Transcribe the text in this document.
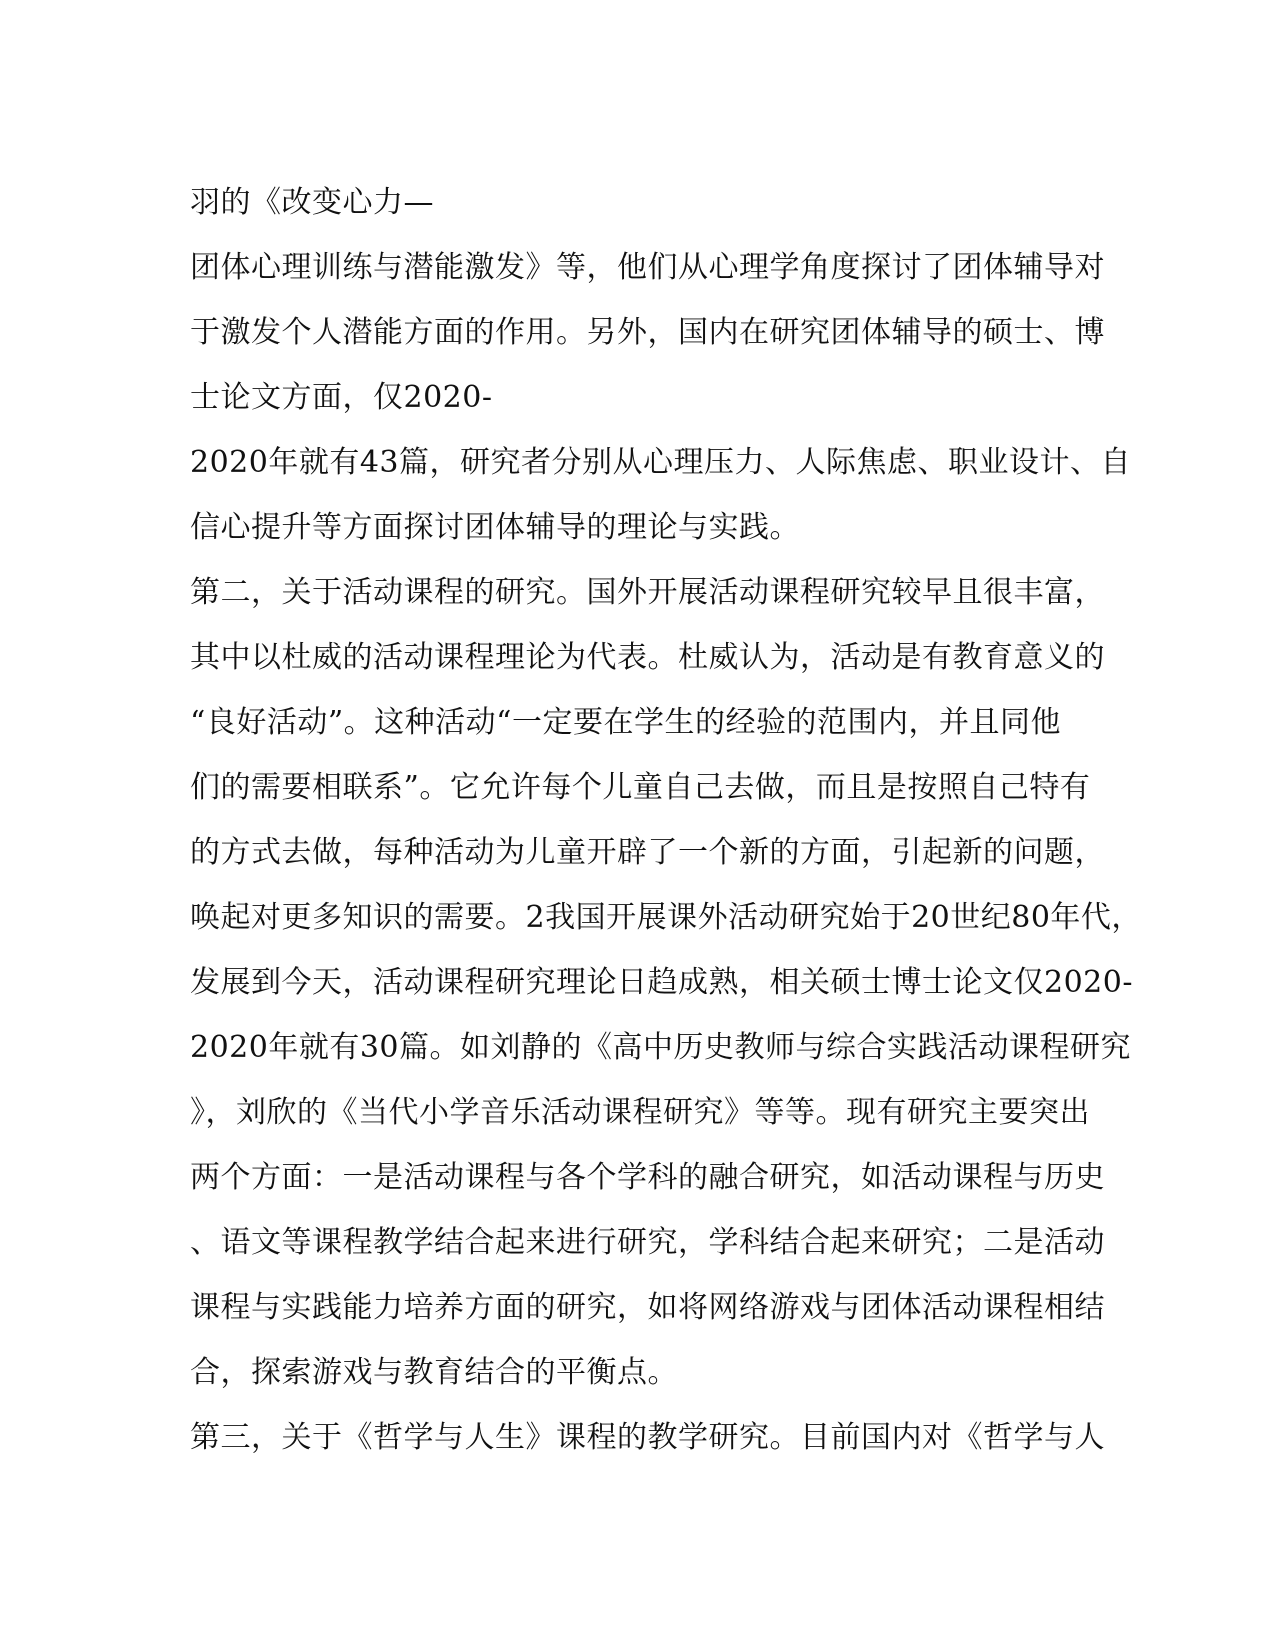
羽的《改变心力—
团体心理训练与潜能激发》等，他们从心理学角度探讨了团体辅导对
于激发个人潜能方面的作用。另外，国内在研究团体辅导的硕士、博
士论文方面，仅2020-
2020年就有43篇，研究者分别从心理压力、人际焦虑、职业设计、自
信心提升等方面探讨团体辅导的理论与实践。
第二，关于活动课程的研究。国外开展活动课程研究较早且很丰富，
其中以杜威的活动课程理论为代表。杜威认为，活动是有教育意义的
“良好活动”。这种活动“一定要在学生的经验的范围内，并且同他
们的需要相联系”。它允许每个儿童自己去做，而且是按照自己特有
的方式去做，每种活动为儿童开辟了一个新的方面，引起新的问题，
唤起对更多知识的需要。2我国开展课外活动研究始于20世纪80年代，
发展到今天，活动课程研究理论日趋成熟，相关硕士博士论文仅2020-
2020年就有30篇。如刘静的《高中历史教师与综合实践活动课程研究
》，刘欣的《当代小学音乐活动课程研究》等等。现有研究主要突出
两个方面：一是活动课程与各个学科的融合研究，如活动课程与历史
、语文等课程教学结合起来进行研究，学科结合起来研究；二是活动
课程与实践能力培养方面的研究，如将网络游戏与团体活动课程相结
合，探索游戏与教育结合的平衡点。
第三，关于《哲学与人生》课程的教学研究。目前国内对《哲学与人
